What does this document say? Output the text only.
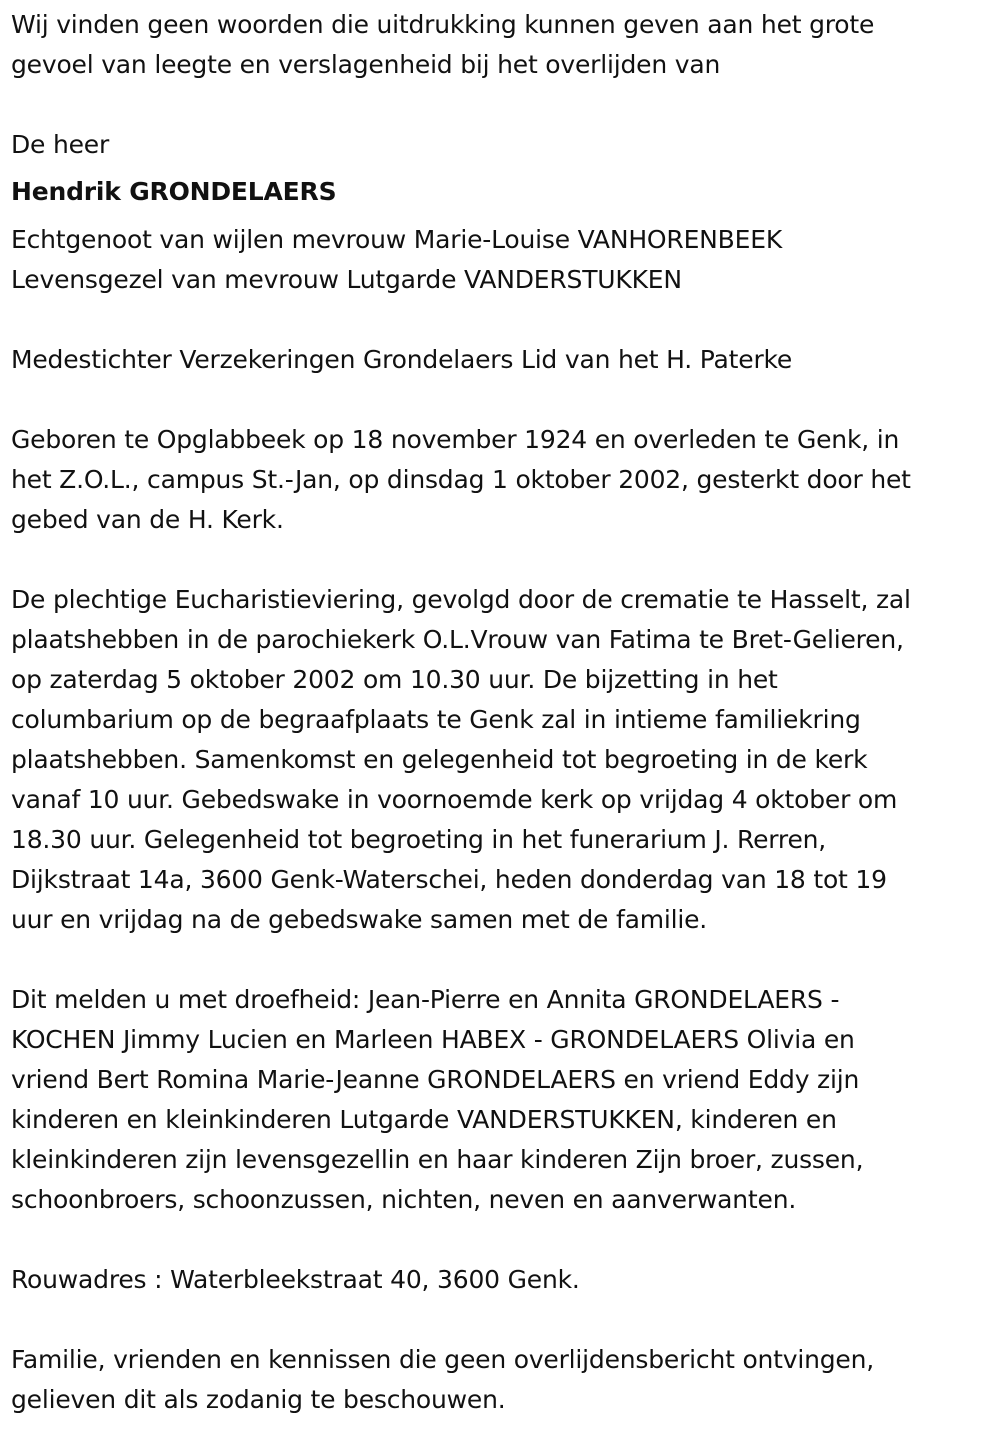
Wij vinden geen woorden die uitdrukking kunnen geven aan het grote
gevoel van leegte en verslagenheid bij het overlijden van
De heer
Hendrik GRONDELAERS
Echtgenoot van wijlen mevrouw Marie-Louise VANHORENBEEK
Levensgezel van mevrouw Lutgarde VANDERSTUKKEN
Medestichter Verzekeringen Grondelaers Lid van het H. Paterke
Geboren te Opglabbeek op 18 november 1924 en overleden te Genk, in
het Z.O.L., campus St.-Jan, op dinsdag 1 oktober 2002, gesterkt door het
gebed van de H. Kerk.
De plechtige Eucharistieviering, gevolgd door de crematie te Hasselt, zal
plaatshebben in de parochiekerk O.L.Vrouw van Fatima te Bret-Gelieren,
op zaterdag 5 oktober 2002 om 10.30 uur. De bijzetting in het
columbarium op de begraafplaats te Genk zal in intieme familiekring
plaatshebben. Samenkomst en gelegenheid tot begroeting in de kerk
vanaf 10 uur. Gebedswake in voornoemde kerk op vrijdag 4 oktober om
18.30 uur. Gelegenheid tot begroeting in het funerarium J. Rerren,
Dijkstraat 14a, 3600 Genk-Waterschei, heden donderdag van 18 tot 19
uur en vrijdag na de gebedswake samen met de familie.
Dit melden u met droefheid: Jean-Pierre en Annita GRONDELAERS -
KOCHEN Jimmy Lucien en Marleen HABEX - GRONDELAERS Olivia en
vriend Bert Romina Marie-Jeanne GRONDELAERS en vriend Eddy zijn
kinderen en kleinkinderen Lutgarde VANDERSTUKKEN, kinderen en
kleinkinderen zijn levensgezellin en haar kinderen Zijn broer, zussen,
schoonbroers, schoonzussen, nichten, neven en aanverwanten.
Rouwadres : Waterbleekstraat 40, 3600 Genk.
Familie, vrienden en kennissen die geen overlijdensbericht ontvingen,
gelieven dit als zodanig te beschouwen.
